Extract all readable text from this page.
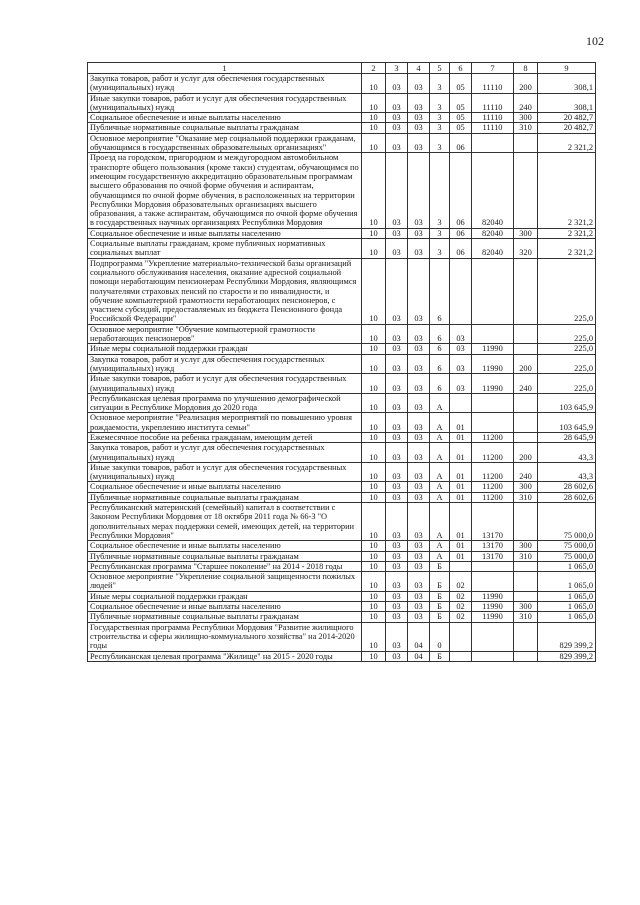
102
1	2	3	4	5	6	7	8	9
Закупка товаров, работ и услуг для обеспечения государственных (муниципальных) нужд	10	03	03	3	05	11110	200	308,1
Иные закупки товаров, работ и услуг для обеспечения государственных (муниципальных) нужд	10	03	03	3	05	11110	240	308,1
Социальное обеспечение и иные выплаты населению	10	03	03	3	05	11110	300	20 482,7
Публичные нормативные социальные выплаты гражданам	10	03	03	3	05	11110	310	20 482,7
Основное мероприятие "Оказание мер социальной поддержки гражданам, обучающимся в государственных образовательных организациях"	10	03	03	3	06			2 321,2
Проезд на городском, пригородном и междугородном автомобильном транспорте общего пользования (кроме такси) студентам, обучающимся по имеющим государственную аккредитацию образовательным программам высшего образования по очной форме обучения и аспирантам, обучающимся по очной форме обучения, в расположенных на территории Республики Мордовия образовательных организациях высшего образования, а также аспирантам, обучающимся по очной форме обучения в государственных научных организациях Республики Мордовия	10	03	03	3	06	82040		2 321,2
Социальное обеспечение и иные выплаты населению	10	03	03	3	06	82040	300	2 321,2
Социальные выплаты гражданам, кроме публичных нормативных социальных выплат	10	03	03	3	06	82040	320	2 321,2
Подпрограмма "Укрепление материально-технической базы организаций социального обслуживания населения, оказание адресной социальной помощи неработающим пенсионерам Республики Мордовия, являющимся получателями страховых пенсий по старости и по инвалидности, и обучение компьютерной грамотности неработающих пенсионеров, с участием субсидий, предоставляемых из бюджета Пенсионного фонда Российской Федерации"	10	03	03	6				225,0
Основное мероприятие "Обучение компьютерной грамотности неработающих пенсионеров"	10	03	03	6	03			225,0
Иные меры социальной поддержки граждан	10	03	03	6	03	11990		225,0
Закупка товаров, работ и услуг для обеспечения государственных (муниципальных) нужд	10	03	03	6	03	11990	200	225,0
Иные закупки товаров, работ и услуг для обеспечения государственных (муниципальных) нужд	10	03	03	6	03	11990	240	225,0
Республиканская целевая программа по улучшению демографической ситуации в Республике Мордовия до 2020 года	10	03	03	А				103 645,9
Основное мероприятие "Реализация мероприятий по повышению уровня рождаемости, укреплению института семьи"	10	03	03	А	01			103 645,9
Ежемесячное пособие на ребенка гражданам, имеющим детей	10	03	03	А	01	11200		28 645,9
Закупка товаров, работ и услуг для обеспечения государственных (муниципальных) нужд	10	03	03	А	01	11200	200	43,3
Иные закупки товаров, работ и услуг для обеспечения государственных (муниципальных) нужд	10	03	03	А	01	11200	240	43,3
Социальное обеспечение и иные выплаты населению	10	03	03	А	01	11200	300	28 602,6
Публичные нормативные социальные выплаты гражданам	10	03	03	А	01	11200	310	28 602,6
Республиканский материнский (семейный) капитал в соответствии с Законом Республики Мордовия от 18 октября 2011 года № 66-З "О дополнительных мерах поддержки семей, имеющих детей, на территории Республики Мордовия"	10	03	03	А	01	13170		75 000,0
Социальное обеспечение и иные выплаты населению	10	03	03	А	01	13170	300	75 000,0
Публичные нормативные социальные выплаты гражданам	10	03	03	А	01	13170	310	75 000,0
Республиканская программа "Старшее поколение" на 2014 - 2018 годы	10	03	03	Б				1 065,0
Основное мероприятие "Укрепление социальной защищенности пожилых людей"	10	03	03	Б	02			1 065,0
Иные меры социальной поддержки граждан	10	03	03	Б	02	11990		1 065,0
Социальное обеспечение и иные выплаты населению	10	03	03	Б	02	11990	300	1 065,0
Публичные нормативные социальные выплаты гражданам	10	03	03	Б	02	11990	310	1 065,0
Государственная программа Республики Мордовия "Развитие жилищного строительства и сферы жилищно-коммунального хозяйства" на 2014-2020 годы	10	03	04	0				829 399,2
Республиканская целевая программа "Жилище" на 2015 - 2020 годы	10	03	04	Б				829 399,2
